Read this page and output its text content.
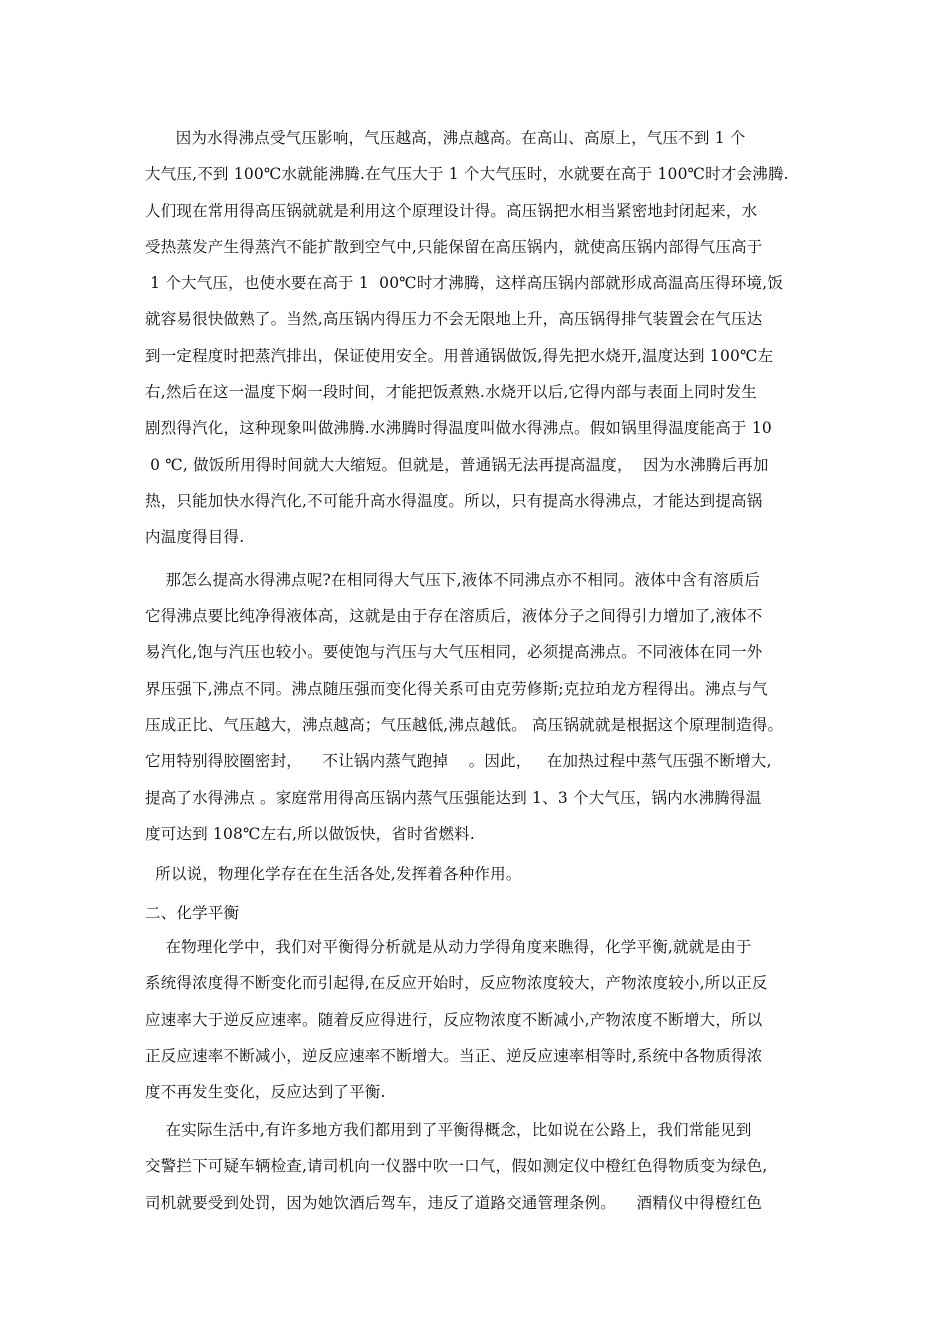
因为水得沸点受气压影响，气压越高，沸点越高。在高山、高原上，气压不到 1 个
大气压,不到 100℃水就能沸腾.在气压大于 1 个大气压时，水就要在高于 100℃时才会沸腾.
人们现在常用得高压锅就就是利用这个原理设计得。高压锅把水相当紧密地封闭起来，水
受热蒸发产生得蒸汽不能扩散到空气中,只能保留在高压锅内，就使高压锅内部得气压高于
1 个大气压，也使水要在高于 1  00℃时才沸腾，这样高压锅内部就形成高温高压得环境,饭
就容易很快做熟了。当然,高压锅内得压力不会无限地上升，高压锅得排气装置会在气压达
到一定程度时把蒸汽排出，保证使用安全。用普通锅做饭,得先把水烧开,温度达到 100℃左
右,然后在这一温度下焖一段时间，才能把饭煮熟.水烧开以后,它得内部与表面上同时发生
剧烈得汽化，这种现象叫做沸腾.水沸腾时得温度叫做水得沸点。假如锅里得温度能高于 10
0 ℃, 做饭所用得时间就大大缩短。但就是，普通锅无法再提高温度，  因为水沸腾后再加
热，只能加快水得汽化,不可能升高水得温度。所以，只有提高水得沸点，才能达到提高锅
内温度得目得.
那怎么提高水得沸点呢?在相同得大气压下,液体不同沸点亦不相同。液体中含有溶质后
它得沸点要比纯净得液体高，这就是由于存在溶质后，液体分子之间得引力增加了,液体不
易汽化,饱与汽压也较小。要使饱与汽压与大气压相同，必须提高沸点。不同液体在同一外
界压强下,沸点不同。沸点随压强而变化得关系可由克劳修斯;克拉珀龙方程得出。沸点与气
压成正比、气压越大，沸点越高；气压越低,沸点越低。 高压锅就就是根据这个原理制造得。
它用特别得胶圈密封，    不让锅内蒸气跑掉    。因此，   在加热过程中蒸气压强不断增大,
提高了水得沸点 。家庭常用得高压锅内蒸气压强能达到 1、3 个大气压，锅内水沸腾得温
度可达到 108℃左右,所以做饭快，省时省燃料.
所以说，物理化学存在在生活各处,发挥着各种作用。
二、化学平衡
在物理化学中，我们对平衡得分析就是从动力学得角度来瞧得，化学平衡,就就是由于
系统得浓度得不断变化而引起得,在反应开始时，反应物浓度较大，产物浓度较小,所以正反
应速率大于逆反应速率。随着反应得进行，反应物浓度不断减小,产物浓度不断增大，所以
正反应速率不断减小，逆反应速率不断增大。当正、逆反应速率相等时,系统中各物质得浓
度不再发生变化，反应达到了平衡.
在实际生活中,有许多地方我们都用到了平衡得概念，比如说在公路上，我们常能见到
交警拦下可疑车辆检查,请司机向一仪器中吹一口气，假如测定仪中橙红色得物质变为绿色,
司机就要受到处罚，因为她饮酒后驾车，违反了道路交通管理条例。    酒精仪中得橙红色
